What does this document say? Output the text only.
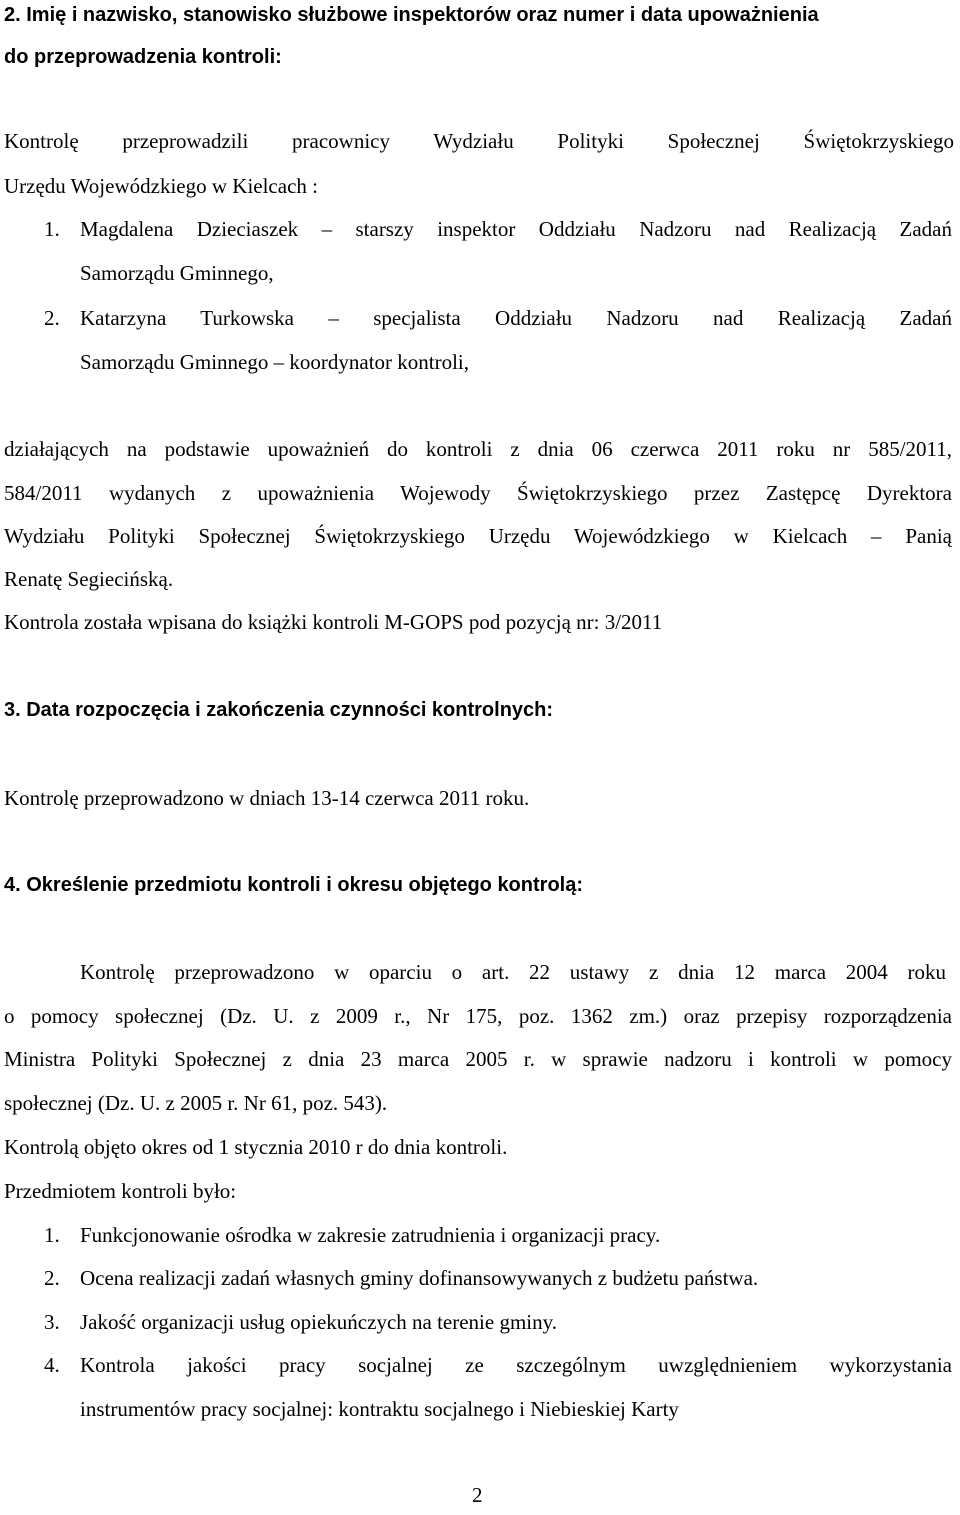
2. Imię i nazwisko, stanowisko służbowe inspektorów oraz numer i data upoważnienia
do przeprowadzenia kontroli:
Kontrolę przeprowadzili pracownicy Wydziału Polityki Społecznej Świętokrzyskiego
Urzędu Wojewódzkiego w Kielcach :
1. Magdalena Dzieciaszek – starszy inspektor Oddziału Nadzoru nad Realizacją Zadań
Samorządu Gminnego,
2. Katarzyna Turkowska – specjalista Oddziału Nadzoru nad Realizacją Zadań
Samorządu Gminnego – koordynator kontroli,
działających na podstawie upoważnień do kontroli z dnia 06 czerwca 2011 roku nr 585/2011,
584/2011 wydanych z upoważnienia Wojewody Świętokrzyskiego przez Zastępcę Dyrektora
Wydziału Polityki Społecznej Świętokrzyskiego Urzędu Wojewódzkiego w Kielcach – Panią
Renatę Segiecińską.
Kontrola została wpisana do książki kontroli M-GOPS pod pozycją nr: 3/2011
3. Data rozpoczęcia i zakończenia czynności kontrolnych:
Kontrolę przeprowadzono w dniach 13-14 czerwca 2011 roku.
4. Określenie przedmiotu kontroli i okresu objętego kontrolą:
Kontrolę przeprowadzono w oparciu o art. 22 ustawy z dnia 12 marca 2004 roku
o pomocy społecznej (Dz. U. z 2009 r., Nr 175, poz. 1362 zm.) oraz przepisy rozporządzenia
Ministra Polityki Społecznej z dnia 23 marca 2005 r. w sprawie nadzoru i kontroli w pomocy
społecznej (Dz. U. z 2005 r. Nr 61, poz. 543).
Kontrolą objęto okres od 1 stycznia 2010 r do dnia kontroli.
Przedmiotem kontroli było:
1. Funkcjonowanie ośrodka w zakresie zatrudnienia i organizacji pracy.
2. Ocena realizacji zadań własnych gminy dofinansowywanych z budżetu państwa.
3. Jakość organizacji usług opiekuńczych na terenie gminy.
4. Kontrola jakości pracy socjalnej ze szczególnym uwzględnieniem wykorzystania
instrumentów pracy socjalnej: kontraktu socjalnego i Niebieskiej Karty
2
